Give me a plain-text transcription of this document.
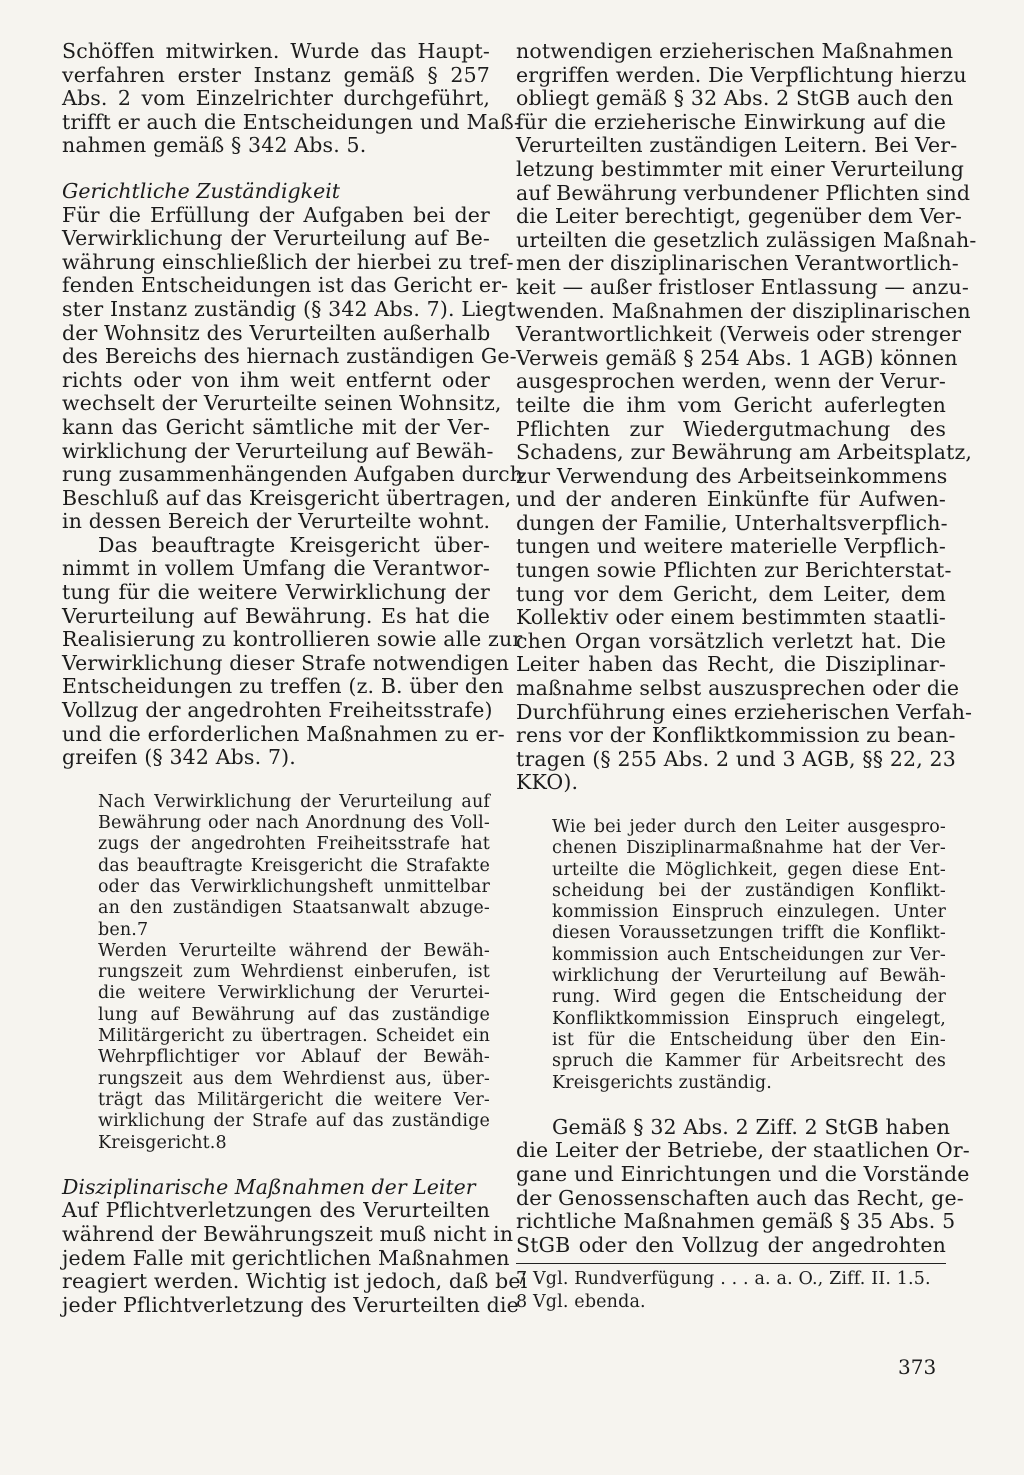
Schöffen mitwirken. Wurde das Haupt-
verfahren erster Instanz gemäß § 257
Abs. 2 vom Einzelrichter durchgeführt,
trifft er auch die Entscheidungen und Maß-
nahmen gemäß § 342 Abs. 5.
Gerichtliche Zuständigkeit
Für die Erfüllung der Aufgaben bei der
Verwirklichung der Verurteilung auf Be-
währung einschließlich der hierbei zu tref-
fenden Entscheidungen ist das Gericht er-
ster Instanz zuständig (§ 342 Abs. 7). Liegt
der Wohnsitz des Verurteilten außerhalb
des Bereichs des hiernach zuständigen Ge-
richts oder von ihm weit entfernt oder
wechselt der Verurteilte seinen Wohnsitz,
kann das Gericht sämtliche mit der Ver-
wirklichung der Verurteilung auf Bewäh-
rung zusammenhängenden Aufgaben durch
Beschluß auf das Kreisgericht übertragen,
in dessen Bereich der Verurteilte wohnt.
Das beauftragte Kreisgericht über-
nimmt in vollem Umfang die Verantwor-
tung für die weitere Verwirklichung der
Verurteilung auf Bewährung. Es hat die
Realisierung zu kontrollieren sowie alle zur
Verwirklichung dieser Strafe notwendigen
Entscheidungen zu treffen (z. B. über den
Vollzug der angedrohten Freiheitsstrafe)
und die erforderlichen Maßnahmen zu er-
greifen (§ 342 Abs. 7).
Nach Verwirklichung der Verurteilung auf
Bewährung oder nach Anordnung des Voll-
zugs der angedrohten Freiheitsstrafe hat
das beauftragte Kreisgericht die Strafakte
oder das Verwirklichungsheft unmittelbar
an den zuständigen Staatsanwalt abzuge-
ben.7
Werden Verurteilte während der Bewäh-
rungszeit zum Wehrdienst einberufen, ist
die weitere Verwirklichung der Verurtei-
lung auf Bewährung auf das zuständige
Militärgericht zu übertragen. Scheidet ein
Wehrpflichtiger vor Ablauf der Bewäh-
rungszeit aus dem Wehrdienst aus, über-
trägt das Militärgericht die weitere Ver-
wirklichung der Strafe auf das zuständige
Kreisgericht.8
Disziplinarische Maßnahmen der Leiter
Auf Pflichtverletzungen des Verurteilten
während der Bewährungszeit muß nicht in
jedem Falle mit gerichtlichen Maßnahmen
reagiert werden. Wichtig ist jedoch, daß bei
jeder Pflichtverletzung des Verurteilten die
notwendigen erzieherischen Maßnahmen
ergriffen werden. Die Verpflichtung hierzu
obliegt gemäß § 32 Abs. 2 StGB auch den
für die erzieherische Einwirkung auf die
Verurteilten zuständigen Leitern. Bei Ver-
letzung bestimmter mit einer Verurteilung
auf Bewährung verbundener Pflichten sind
die Leiter berechtigt, gegenüber dem Ver-
urteilten die gesetzlich zulässigen Maßnah-
men der disziplinarischen Verantwortlich-
keit — außer fristloser Entlassung — anzu-
wenden. Maßnahmen der disziplinarischen
Verantwortlichkeit (Verweis oder strenger
Verweis gemäß § 254 Abs. 1 AGB) können
ausgesprochen werden, wenn der Verur-
teilte die ihm vom Gericht auferlegten
Pflichten zur Wiedergutmachung des
Schadens, zur Bewährung am Arbeitsplatz,
zur Verwendung des Arbeitseinkommens
und der anderen Einkünfte für Aufwen-
dungen der Familie, Unterhaltsverpflich-
tungen und weitere materielle Verpflich-
tungen sowie Pflichten zur Berichterstat-
tung vor dem Gericht, dem Leiter, dem
Kollektiv oder einem bestimmten staatli-
chen Organ vorsätzlich verletzt hat. Die
Leiter haben das Recht, die Disziplinar-
maßnahme selbst auszusprechen oder die
Durchführung eines erzieherischen Verfah-
rens vor der Konfliktkommission zu bean-
tragen (§ 255 Abs. 2 und 3 AGB, §§ 22, 23
KKO).
Wie bei jeder durch den Leiter ausgespro-
chenen Disziplinarmaßnahme hat der Ver-
urteilte die Möglichkeit, gegen diese Ent-
scheidung bei der zuständigen Konflikt-
kommission Einspruch einzulegen. Unter
diesen Voraussetzungen trifft die Konflikt-
kommission auch Entscheidungen zur Ver-
wirklichung der Verurteilung auf Bewäh-
rung. Wird gegen die Entscheidung der
Konfliktkommission Einspruch eingelegt,
ist für die Entscheidung über den Ein-
spruch die Kammer für Arbeitsrecht des
Kreisgerichts zuständig.
Gemäß § 32 Abs. 2 Ziff. 2 StGB haben
die Leiter der Betriebe, der staatlichen Or-
gane und Einrichtungen und die Vorstände
der Genossenschaften auch das Recht, ge-
richtliche Maßnahmen gemäß § 35 Abs. 5
StGB oder den Vollzug der angedrohten
7 Vgl. Rundverfügung . . . a. a. O., Ziff. II. 1.5.
8 Vgl. ebenda.
373
